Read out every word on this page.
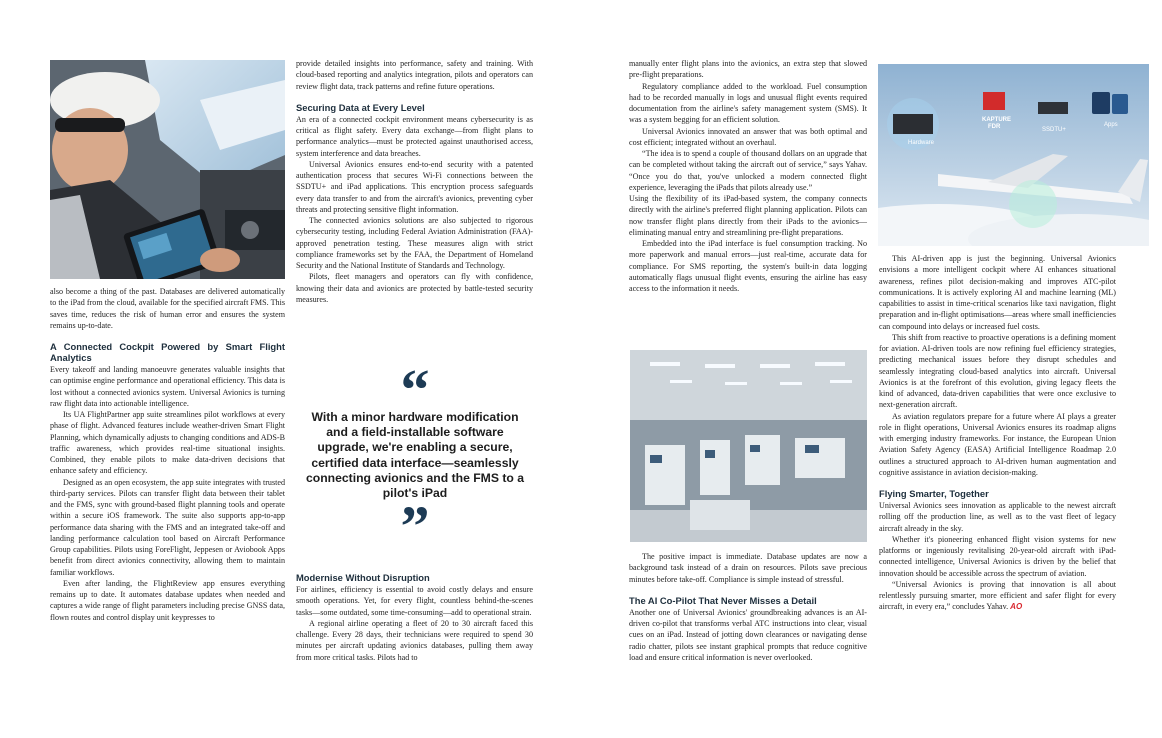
also become a thing of the past. Databases are delivered automatically to the iPad from the cloud, available for the specified aircraft FMS. This saves time, reduces the risk of human error and ensures the system remains up-to-date.

A Connected Cockpit Powered by Smart Flight Analytics

Every takeoff and landing manoeuvre generates valuable insights that can optimise engine performance and operational efficiency. This data is lost without a connected avionics system. Universal Avionics is turning raw flight data into actionable intelligence.

Its UA FlightPartner app suite streamlines pilot workflows at every phase of flight. Advanced features include weather-driven Smart Flight Planning, which dynamically adjusts to changing conditions and ADS-B traffic awareness, which provides real-time situational insights. Combined, they enable pilots to make data-driven decisions that enhance safety and efficiency.

Designed as an open ecosystem, the app suite integrates with trusted third-party services. Pilots can transfer flight data between their tablet and the FMS, sync with ground-based flight planning tools and operate within a secure iOS framework. The suite also supports app-to-app performance data sharing with the FMS and an integrated take-off and landing performance calculation tool based on Aircraft Performance Group capabilities. Pilots using ForeFlight, Jeppesen or Aviobook Apps benefit from direct avionics connectivity, allowing them to maintain familiar workflows.

Even after landing, the FlightReview app ensures everything remains up to date. It automates database updates when needed and captures a wide range of flight parameters including precise GNSS data, flown routes and control display unit keypresses to

provide detailed insights into performance, safety and training. With cloud-based reporting and analytics integration, pilots and operators can review flight data, track patterns and refine future operations.

Securing Data at Every Level

An era of a connected cockpit environment means cybersecurity is as critical as flight safety. Every data exchange—from flight plans to performance analytics—must be protected against unauthorised access, system interference and data breaches.

Universal Avionics ensures end-to-end security with a patented authentication process that secures Wi-Fi connections between the SSDTU+ and iPad applications. This encryption process safeguards every data transfer to and from the aircraft's avionics, preventing cyber threats and protecting sensitive flight information.

The connected avionics solutions are also subjected to rigorous cybersecurity testing, including Federal Aviation Administration (FAA)-approved penetration testing. These measures align with strict compliance frameworks set by the FAA, the Department of Homeland Security and the National Institute of Standards and Technology.

Pilots, fleet managers and operators can fly with confidence, knowing their data and avionics are protected by battle-tested security measures.

“
With a minor hardware modification and a field-installable software upgrade, we're enabling a secure, certified data interface—seamlessly connecting avionics and the FMS to a pilot's iPad
”
Modernise Without Disruption

For airlines, efficiency is essential to avoid costly delays and ensure smooth operations. Yet, for every flight, countless behind-the-scenes tasks—some outdated, some time-consuming—add to operational strain.

A regional airline operating a fleet of 20 to 30 aircraft faced this challenge. Every 28 days, their technicians were required to spend 30 minutes per aircraft updating avionics databases, pulling them away from more critical tasks. Pilots had to

manually enter flight plans into the avionics, an extra step that slowed pre-flight preparations.

Regulatory compliance added to the workload. Fuel consumption had to be recorded manually in logs and unusual flight events required documentation from the airline's safety management system (SMS). It was a system begging for an efficient solution.

Universal Avionics innovated an answer that was both optimal and cost efficient; integrated without an overhaul.

“The idea is to spend a couple of thousand dollars on an upgrade that can be completed without taking the aircraft out of service,” says Yahav. “Once you do that, you've unlocked a modern connected flight experience, leveraging the iPads that pilots already use.”

Using the flexibility of its iPad-based system, the company connects directly with the airline's preferred flight planning application. Pilots can now transfer flight plans directly from their iPads to the avionics—eliminating manual entry and streamlining pre-flight preparations.

Embedded into the iPad interface is fuel consumption tracking. No more paperwork and manual errors—just real-time, accurate data for compliance. For SMS reporting, the system's built-in data logging automatically flags unusual flight events, ensuring the airline has easy access to the information it needs.

The positive impact is immediate. Database updates are now a background task instead of a drain on resources. Pilots save precious minutes before take-off. Compliance is simple instead of stressful.

The AI Co-Pilot That Never Misses a Detail

Another one of Universal Avionics' groundbreaking advances is an AI-driven co-pilot that transforms verbal ATC instructions into clear, visual cues on an iPad. Instead of jotting down clearances or navigating dense radio chatter, pilots see instant graphical prompts that reduce cognitive load and ensure critical information is never overlooked.

Hardware
KAPTURE
FDR	SSDTU+
Apps

This AI-driven app is just the beginning. Universal Avionics envisions a more intelligent cockpit where AI enhances situational awareness, refines pilot decision-making and improves ATC-pilot communications. It is actively exploring AI and machine learning (ML) capabilities to assist in time-critical scenarios like taxi navigation, flight preparation and in-flight optimisations—areas where small inefficiencies can compound into delays or increased fuel costs.

This shift from reactive to proactive operations is a defining moment for aviation. AI-driven tools are now refining fuel efficiency strategies, predicting mechanical issues before they disrupt schedules and seamlessly integrating cloud-based analytics into aircraft. Universal Avionics is at the forefront of this evolution, giving legacy fleets the kind of advanced, data-driven capabilities that were once exclusive to next-generation aircraft.

As aviation regulators prepare for a future where AI plays a greater role in flight operations, Universal Avionics ensures its roadmap aligns with emerging industry frameworks. For instance, the European Union Aviation Safety Agency (EASA) Artificial Intelligence Roadmap 2.0 outlines a structured approach to AI-driven human augmentation and cognitive assistance in aviation decision-making.

Flying Smarter, Together

Universal Avionics sees innovation as applicable to the newest aircraft rolling off the production line, as well as to the vast fleet of legacy aircraft already in the sky.

Whether it's pioneering enhanced flight vision systems for new platforms or ingeniously revitalising 20-year-old aircraft with iPad-connected intelligence, Universal Avionics is driven by the belief that innovation should be accessible across the spectrum of aviation.

“Universal Avionics is proving that innovation is all about relentlessly pursuing smarter, more efficient and safer flight for every aircraft, in every era,” concludes Yahav. AO
